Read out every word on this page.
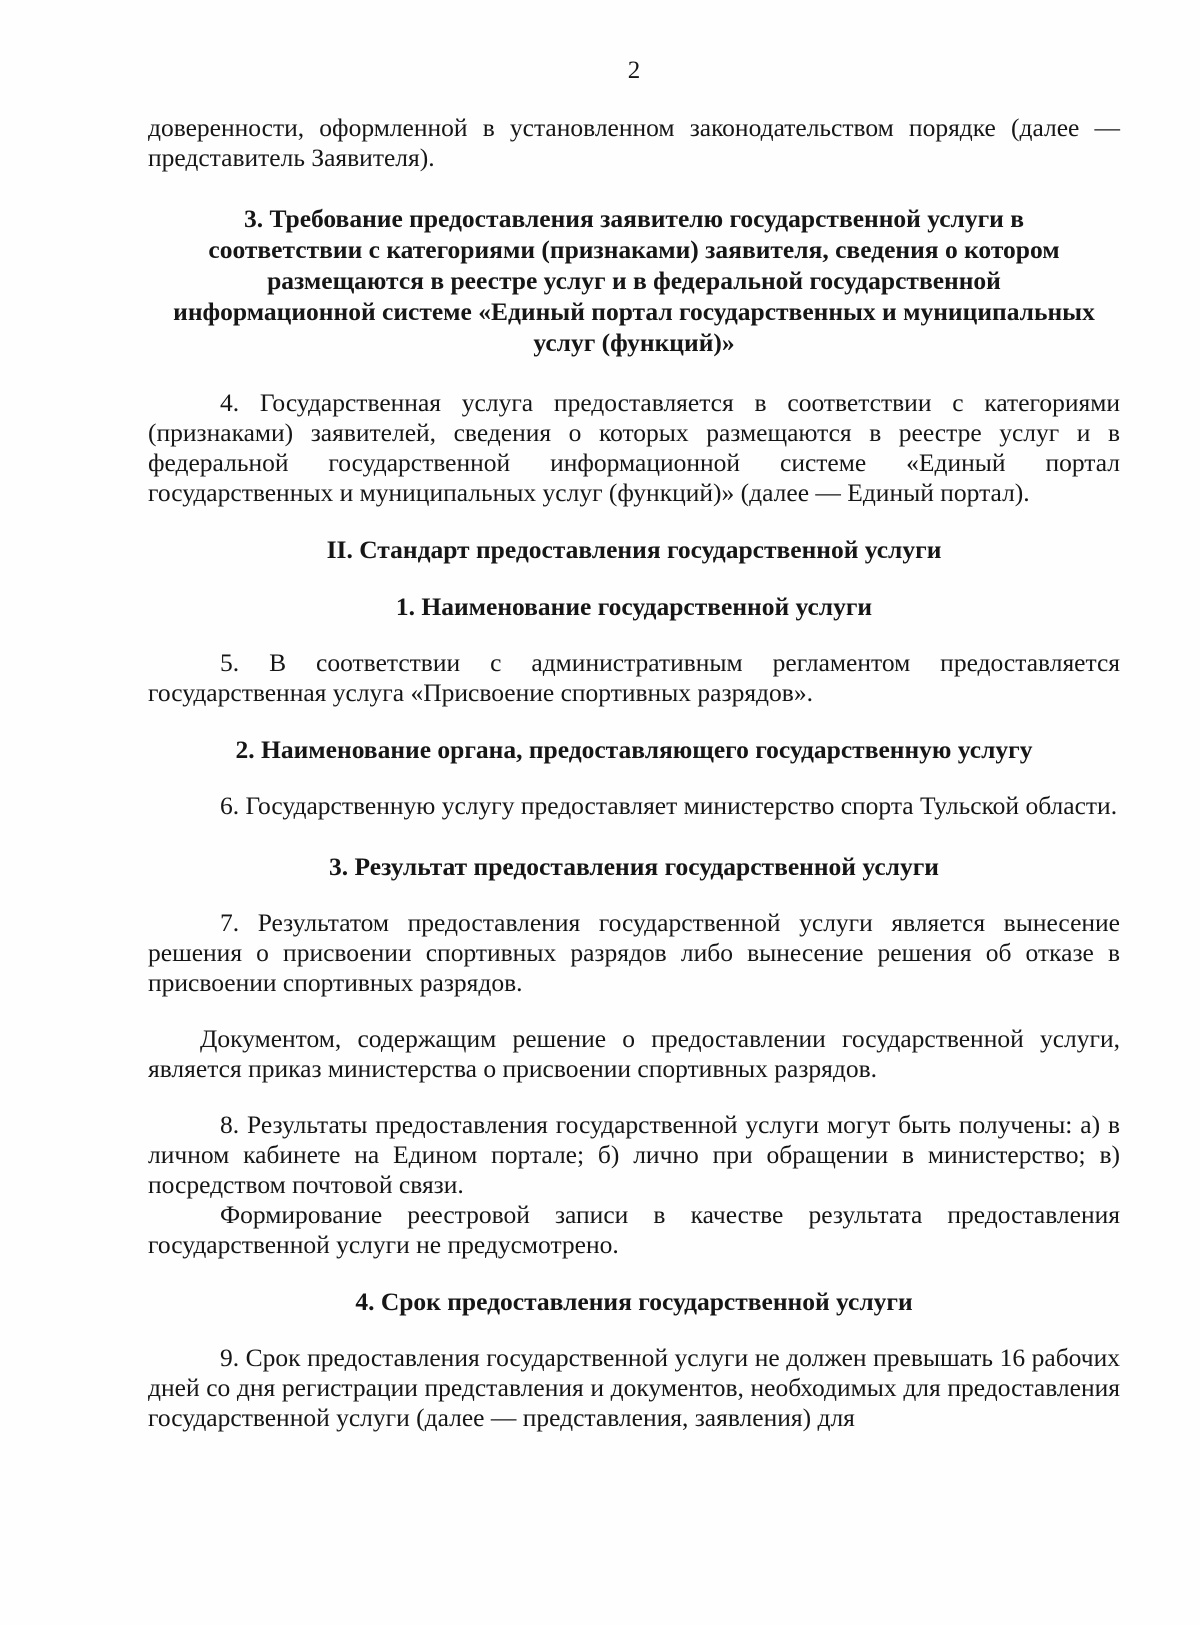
2

доверенности, оформленной в установленном законодательством порядке (далее — представитель Заявителя).

3. Требование предоставления заявителю государственной услуги в соответствии с категориями (признаками) заявителя, сведения о котором размещаются в реестре услуг и в федеральной государственной информационной системе «Единый портал государственных и муниципальных услуг (функций)»

4. Государственная услуга предоставляется в соответствии с категориями (признаками) заявителей, сведения о которых размещаются в реестре услуг и в федеральной государственной информационной системе «Единый портал государственных и муниципальных услуг (функций)» (далее — Единый портал).

II. Стандарт предоставления государственной услуги
1. Наименование государственной услуги

5. В соответствии с административным регламентом предоставляется государственная услуга «Присвоение спортивных разрядов».

2. Наименование органа, предоставляющего государственную услугу

6. Государственную услугу предоставляет министерство спорта Тульской области.

3. Результат предоставления государственной услуги

7. Результатом предоставления государственной услуги является вынесение решения о присвоении спортивных разрядов либо вынесение решения об отказе в присвоении спортивных разрядов.

Документом, содержащим решение о предоставлении государственной услуги, является приказ министерства о присвоении спортивных разрядов.

8. Результаты предоставления государственной услуги могут быть получены: а) в личном кабинете на Едином портале; б) лично при обращении в министерство; в) посредством почтовой связи.

Формирование реестровой записи в качестве результата предоставления государственной услуги не предусмотрено.

4. Срок предоставления государственной услуги

9. Срок предоставления государственной услуги не должен превышать 16 рабочих дней со дня регистрации представления и документов, необходимых для предоставления государственной услуги (далее — представления, заявления) для
